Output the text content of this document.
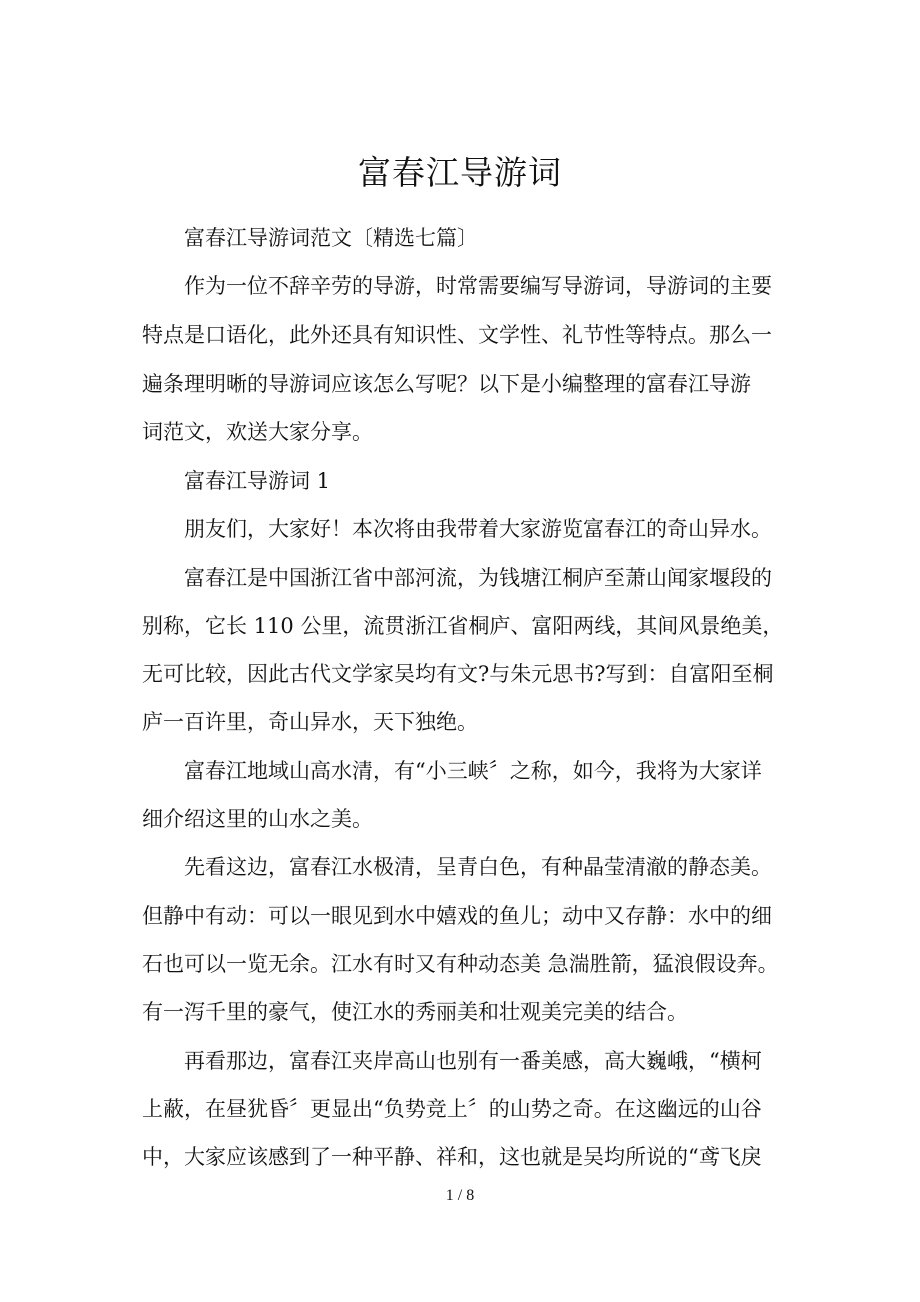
富春江导游词

富春江导游词范文〔精选七篇〕

作为一位不辞辛劳的导游，时常需要编写导游词，导游词的主要

特点是口语化，此外还具有知识性、文学性、礼节性等特点。那么一

遍条理明晰的导游词应该怎么写呢？以下是小编整理的富春江导游

词范文，欢送大家分享。

富春江导游词 1

朋友们，大家好！本次将由我带着大家游览富春江的奇山异水。

富春江是中国浙江省中部河流，为钱塘江桐庐至萧山闻家堰段的

别称，它长 110 公里，流贯浙江省桐庐、富阳两线，其间风景绝美，

无可比较，因此古代文学家吴均有文?与朱元思书?写到：自富阳至桐

庐一百许里，奇山异水，天下独绝。

富春江地域山高水清，有“小三峡〞之称，如今，我将为大家详

细介绍这里的山水之美。

先看这边，富春江水极清，呈青白色，有种晶莹清澈的静态美。

但静中有动：可以一眼见到水中嬉戏的鱼儿；动中又存静：水中的细

石也可以一览无余。江水有时又有种动态美 急湍胜箭，猛浪假设奔。

有一泻千里的豪气，使江水的秀丽美和壮观美完美的结合。

再看那边，富春江夹岸高山也别有一番美感，高大巍峨，“横柯

上蔽，在昼犹昏〞更显出“负势竞上〞的山势之奇。在这幽远的山谷

中，大家应该感到了一种平静、祥和，这也就是吴均所说的“鸢飞戾

1 / 8
